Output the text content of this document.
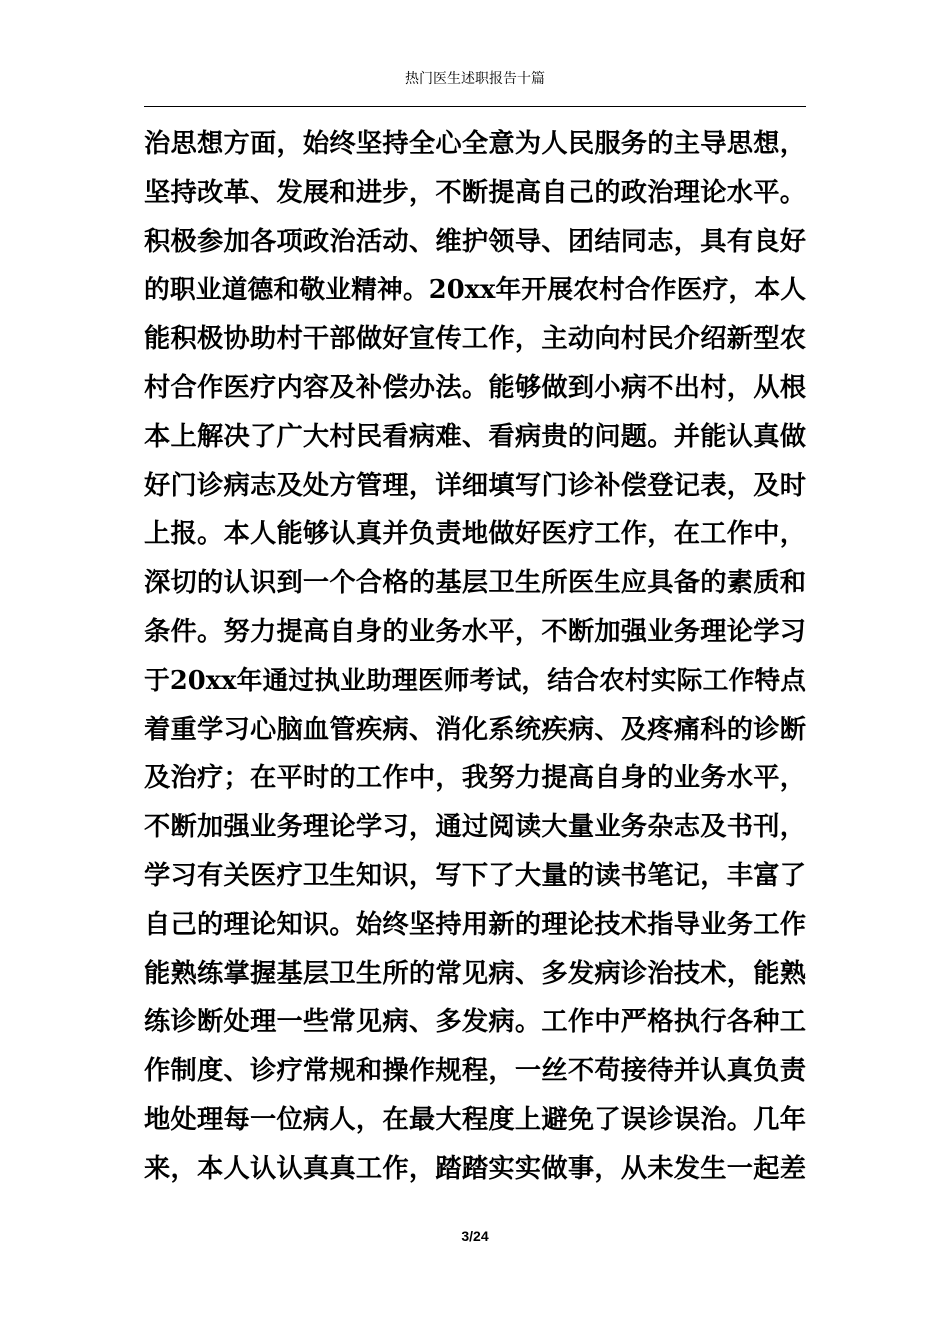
热门医生述职报告十篇
治思想方面，始终坚持全心全意为人民服务的主导思想，
坚持改革、发展和进步，不断提高自己的政治理论水平。
积极参加各项政治活动、维护领导、团结同志，具有良好
的职业道德和敬业精神。20xx年开展农村合作医疗，本人
能积极协助村干部做好宣传工作，主动向村民介绍新型农
村合作医疗内容及补偿办法。能够做到小病不出村，从根
本上解决了广大村民看病难、看病贵的问题。并能认真做
好门诊病志及处方管理，详细填写门诊补偿登记表，及时
上报。本人能够认真并负责地做好医疗工作，在工作中，
深切的认识到一个合格的基层卫生所医生应具备的素质和
条件。努力提高自身的业务水平，不断加强业务理论学习
于20xx年通过执业助理医师考试，结合农村实际工作特点
着重学习心脑血管疾病、消化系统疾病、及疼痛科的诊断
及治疗；在平时的工作中，我努力提高自身的业务水平，
不断加强业务理论学习，通过阅读大量业务杂志及书刊，
学习有关医疗卫生知识，写下了大量的读书笔记，丰富了
自己的理论知识。始终坚持用新的理论技术指导业务工作
能熟练掌握基层卫生所的常见病、多发病诊治技术，能熟
练诊断处理一些常见病、多发病。工作中严格执行各种工
作制度、诊疗常规和操作规程，一丝不苟接待并认真负责
地处理每一位病人，在最大程度上避免了误诊误治。几年
来，本人认认真真工作，踏踏实实做事，从未发生一起差
3/24
